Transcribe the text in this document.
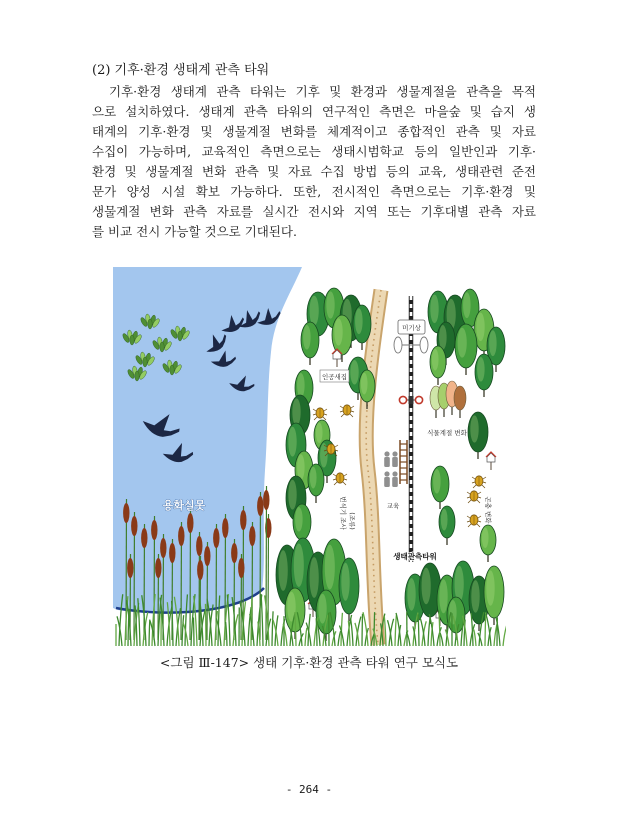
(2) 기후·환경 생태계 관측 타워
기후·환경 생태계 관측 타워는 기후 및 환경과 생물계절을 관측을 목적
으로 설치하였다. 생태계 관측 타워의 연구적인 측면은 마을숲 및 습지 생
태계의 기후·환경 및 생물계절 변화를 체계적이고 종합적인 관측 및 자료
수집이 가능하며, 교육적인 측면으로는 생태시범학교 등의 일반인과 기후·
환경 및 생물계절 변화 관측 및 자료 수집 방법 등의 교육, 생태관련 준전
문가 양성 시설 확보 가능하다. 또한, 전시적인 측면으로는 기후·환경 및
생물계절 변화 관측 자료를 실시간 전시와 지역 또는 기후대별 관측 자료
를 비교 전시 가능할 것으로 기대된다.
미기상
용화실못
인공새집
식물계절 변화
교육
번식기 조사 (조류)	곤충 변화
생태관측타워
<그림 Ⅲ-147> 생태 기후·환경 관측 타워 연구 모식도
- 264 -
